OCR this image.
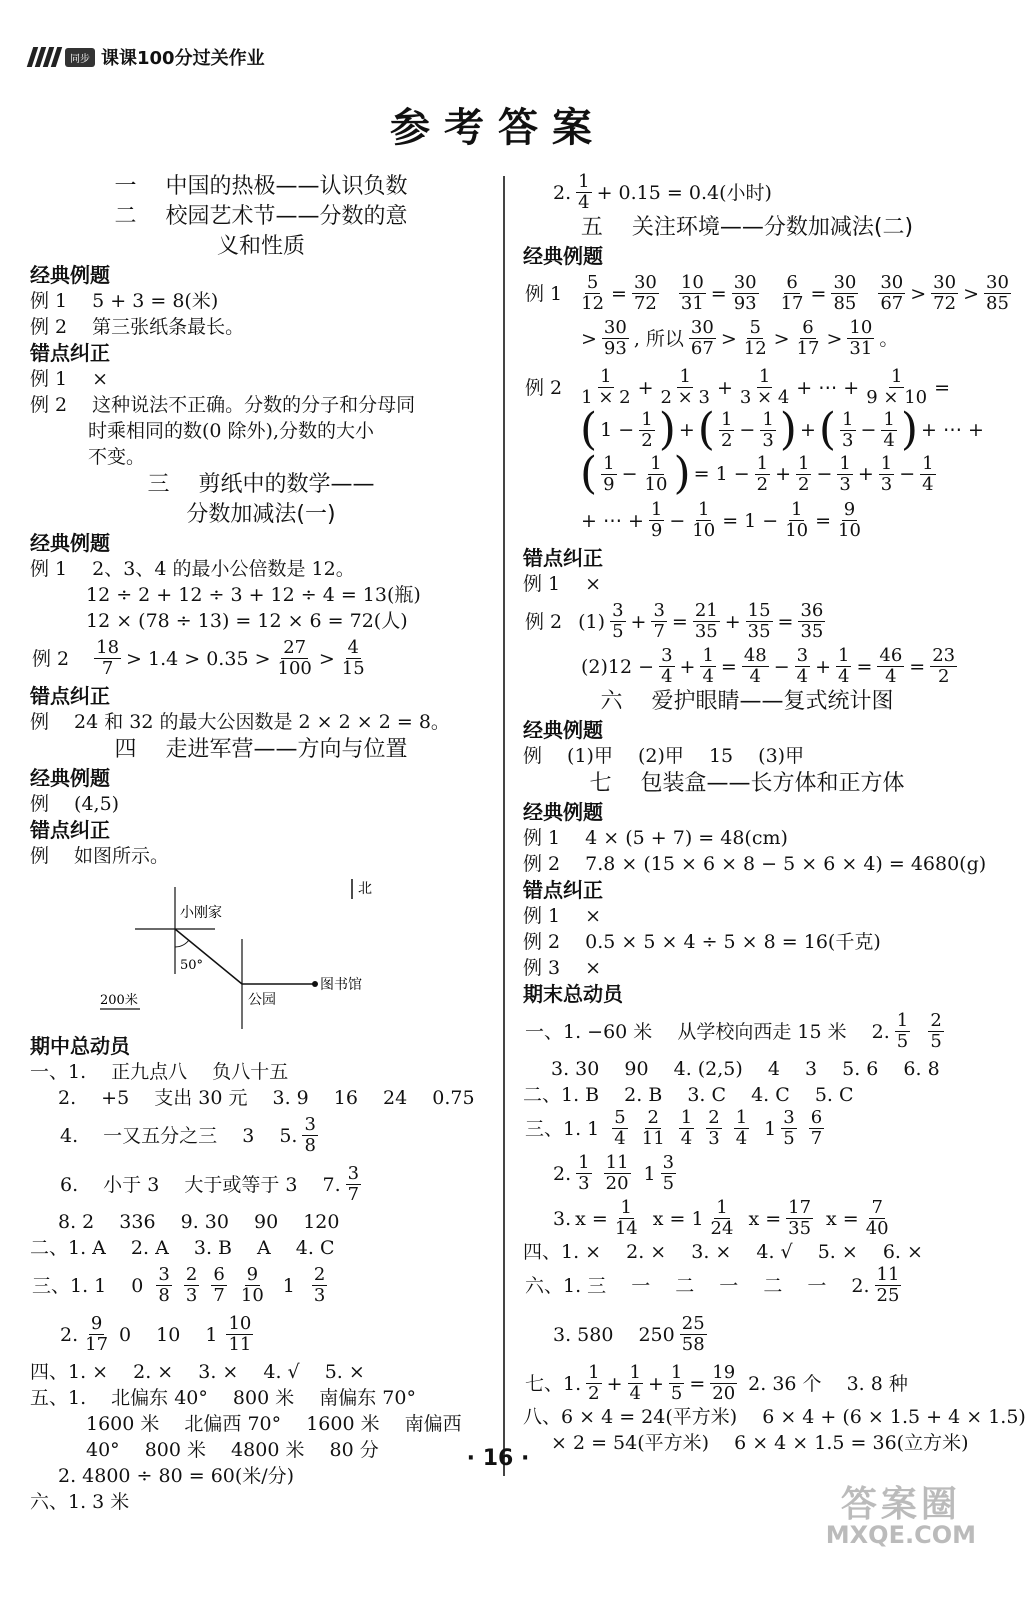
同步 课课100分过关作业
参考答案
一 　中国的热极——认识负数
二 　校园艺术节——分数的意
义和性质
经典例题
例 1 　5 + 3 = 8(米)
例 2 　第三张纸条最长。
错点纠正
例 1 　×
例 2 　这种说法不正确。分数的分子和分母同
时乘相同的数(0 除外),分数的大小
不变。
三 　剪纸中的数学——
分数加减法(一)
经典例题
例 1 　2、3、4 的最小公倍数是 12。
12 ÷ 2 + 12 ÷ 3 + 12 ÷ 4 = 13(瓶)
12 × (78 ÷ 13) = 12 × 6 = 72(人)
例 $2 \frac{18}{7} > 1.4 > 0.35 > \frac{27}{100} > \frac{4}{15}$
错点纠正
例 　24 和 32 的最大公因数是 2 × 2 × 2 = 8。
四 　走进军营——方向与位置
经典例题
例 　(4,5)
错点纠正
例 　如图所示。
北
小刚家
50°
图书馆
公园
200米
期中总动员
一、1. 　正九点八 　负八十五
2. 　+5 　支出 30 元 　3. 9 　16 　24 　0.75
4. 　一又五分之三 　3 　5. $\frac{3}{8}$
6. 　小于 3 　大于或等于 3 　7. $\frac{3}{7}$
8. 2 　336 　9. 30 　90 　120
二、1. A 　2. A 　3. B 　A 　4. C
三、1. 1 　$0 \frac{3}{8}$
$\frac{2}{3}$
$\frac{6}{7}$
$\frac{9}{10} 1 \frac{2}{3}$
2. $\frac{9}{17} 0$ 　10 　$1 \frac{10}{11}$
四、1. × 　2. × 　3. × 　4. √ 　5. ×
五、1. 　北偏东 40° 　800 米 　南偏东 70°
1600 米 　北偏西 70° 　1600 米 　南偏西
40° 　800 米 　4800 米 　80 分
2. 4800 ÷ 80 = 60(米/分)
六、1. 3 米
2. $\frac{1}{4} + 0.15 = 0.4$(小时)
五 　关注环境——分数加减法(二)
经典例题
例 $1 \frac{5}{12} = \frac{30}{72} \frac{10}{31} = \frac{30}{93} \frac{6}{17} = \frac{30}{85} \frac{30}{67} > \frac{30}{72} > \frac{30}{85}$
> $\frac{30}{93}$ , 所以 $\frac{30}{67} > \frac{5}{12} > \frac{6}{17} > \frac{10}{31}$ 。
例 $2 \frac{1}{1 \times 2} + \frac{1}{2 \times 3} + \frac{1}{3 \times 4}$ + ⋯ + $\frac{1}{9 \times 10}$ =
( $1 - \frac{1}{2}$ ) + ( $\frac{1}{2} - \frac{1}{3}$ ) + ( $\frac{1}{3} - \frac{1}{4}$ ) + ⋯ +
( $\frac{1}{9} - \frac{1}{10}$ ) = $1 - \frac{1}{2} + \frac{1}{2} - \frac{1}{3} + \frac{1}{3} - \frac{1}{4}$
+ ⋯ + $\frac{1}{9} - \frac{1}{10} = 1 - \frac{1}{10} = \frac{9}{10}$
错点纠正
例 1 　×
例 2 $(1) \frac{3}{5} + \frac{3}{7} = \frac{21}{35} + \frac{15}{35} = \frac{36}{35}$
$(2)12 - \frac{3}{4} + \frac{1}{4} = \frac{48}{4} - \frac{3}{4} + \frac{1}{4} = \frac{46}{4} = \frac{23}{2}$
六 　爱护眼睛——复式统计图
经典例题
例 　(1)甲 　(2)甲 　15 　(3)甲
七 　包装盒——长方体和正方体
经典例题
例 1 　4 × (5 + 7) = 48(cm)
例 2 　7.8 × (15 × 6 × 8 − 5 × 6 × 4) = 4680(g)
错点纠正
例 1 　×
例 2 　0.5 × 5 × 4 ÷ 5 × 8 = 16(千克)
例 3 　×
期末总动员
一、1. −60 米 　从学校向西走 15 米 　2. $\frac{1}{5}$
$\frac{2}{5}$
3. 30 　90 　4. (2,5) 　4 　3 　5. 6 　6. 8
二、1. B 　2. B 　3. C 　4. C 　5. C
三、1. $1 \frac{5}{4}$
$\frac{2}{11}$
$\frac{1}{4}$
$\frac{2}{3}$
$\frac{1}{4} 1 \frac{3}{5}$
$\frac{6}{7}$
2. $\frac{1}{3}$
$\frac{11}{20} 1 \frac{3}{5}$
3. $x = \frac{1}{14}$ $x = 1 \frac{1}{24}$ $x = \frac{17}{35}$ $x = \frac{7}{40}$
四、1. × 　2. × 　3. × 　4. √ 　5. × 　6. ×
六、1. 三 　一 　二 　一 　二 　一 　2. $\frac{11}{25}$
3. 580 　$250 \frac{25}{58}$
七、1. $\frac{1}{2} + \frac{1}{4} + \frac{1}{5} = \frac{19}{20} 2$. 36 个 　3. 8 种
八、6 × 4 = 24(平方米) 　6 × 4 + (6 × 1.5 + 4 × 1.5)
× 2 = 54(平方米) 　6 × 4 × 1.5 = 36(立方米)
· 16 ·
答案圈
MXQE.COM
